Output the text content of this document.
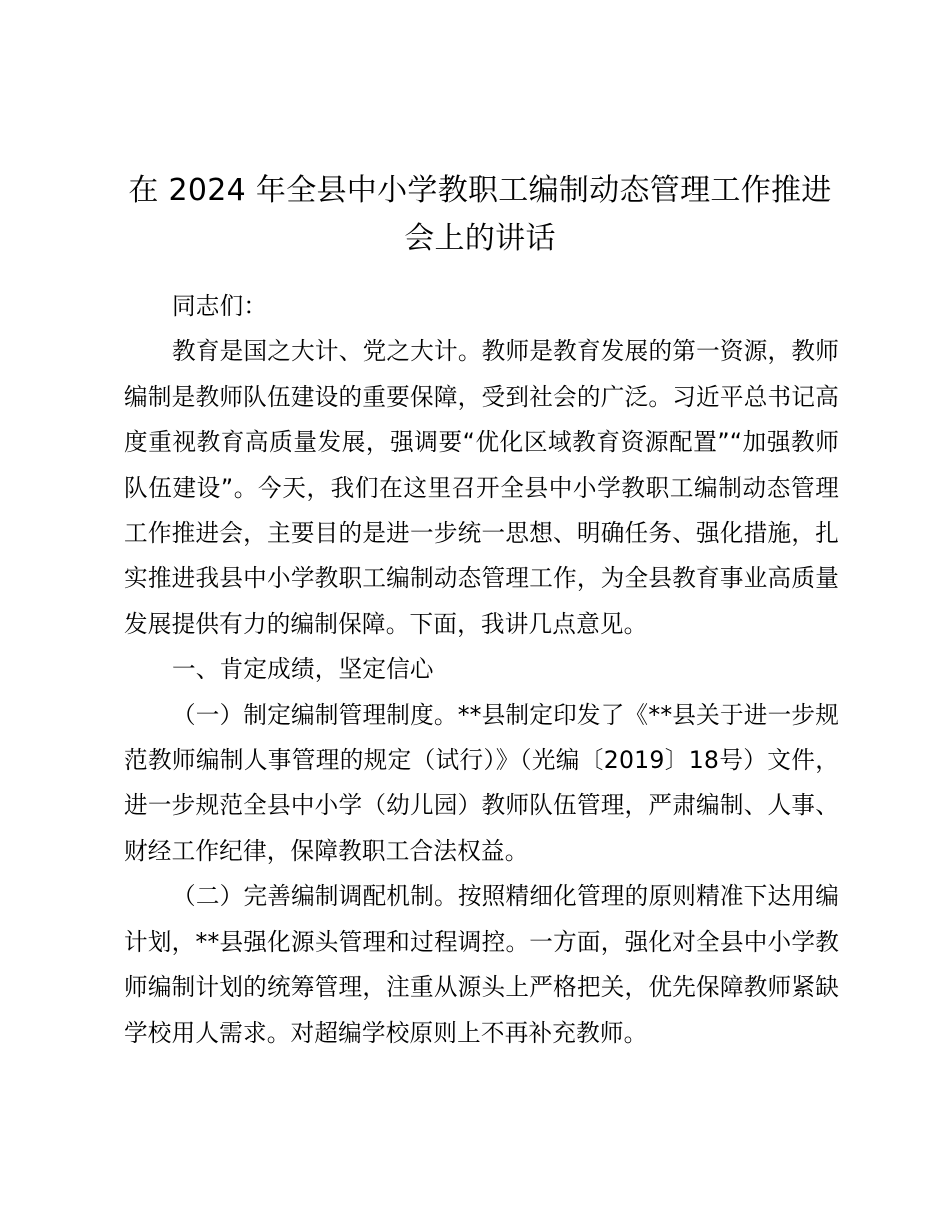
在 2024 年全县中小学教职工编制动态管理工作推进会上的讲话

同志们：

教育是国之大计、党之大计。教师是教育发展的第一资源，教师编制是教师队伍建设的重要保障，受到社会的广泛。习近平总书记高度重视教育高质量发展，强调要“优化区域教育资源配置”“加强教师队伍建设”。今天，我们在这里召开全县中小学教职工编制动态管理工作推进会，主要目的是进一步统一思想、明确任务、强化措施，扎实推进我县中小学教职工编制动态管理工作，为全县教育事业高质量发展提供有力的编制保障。下面，我讲几点意见。

一、肯定成绩，坚定信心

（一）制定编制管理制度。**县制定印发了《**县关于进一步规范教师编制人事管理的规定（试行）》（光编〔2019〕18号）文件，进一步规范全县中小学（幼儿园）教师队伍管理，严肃编制、人事、财经工作纪律，保障教职工合法权益。

（二）完善编制调配机制。按照精细化管理的原则精准下达用编计划，**县强化源头管理和过程调控。一方面，强化对全县中小学教师编制计划的统筹管理，注重从源头上严格把关，优先保障教师紧缺学校用人需求。对超编学校原则上不再补充教师。
